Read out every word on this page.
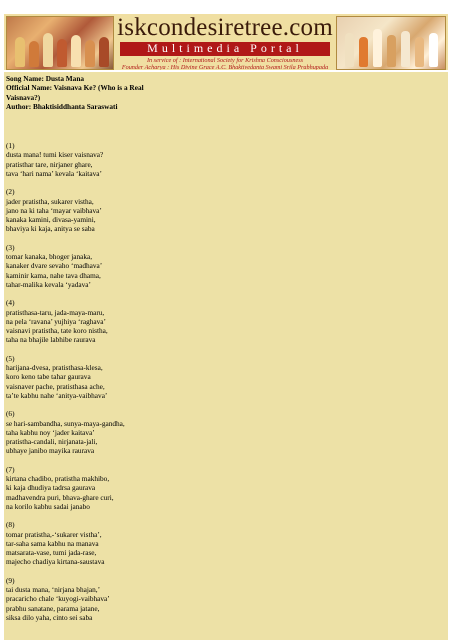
iskcondesiretree.com
Multimedia Portal
In service of : International Society for Krishna Consciousness
Founder Acharya : His Divine Grace A.C. Bhaktivedanta Swami Srila Prabhupada
Song Name: Dusta Mana
Official Name: Vaisnava Ke? (Who is a Real
Vaisnava?)
Author: Bhaktisiddhanta Saraswati
(1)
dusta mana! tumi kiser vaisnava?
pratisthar tare, nirjaner ghare,
tava ‘hari nama’ kevala ‘kaitava’
(2)
jader pratistha, sukarer vistha,
jano na ki taha ‘mayar vaibhava’
kanaka kamini, divasa-yamini,
bhaviya ki kaja, anitya se saba
(3)
tomar kanaka, bhoger janaka,
kanaker dvare sevaho ‘madhava’
kaminir kama, nahe tava dhama,
tahar-malika kevala ‘yadava’
(4)
pratisthasa-taru, jada-maya-maru,
na pela ‘ravana’ yujhiya ‘raghava’
vaisnavi pratistha, tate koro nistha,
taha na bhajile labhibe raurava
(5)
harijana-dvesa, pratisthasa-klesa,
koro keno tabe tahar gaurava
vaisnaver pache, pratisthasa ache,
ta’te kabhu nahe ‘anitya-vaibhava’
(6)
se hari-sambandha, sunya-maya-gandha,
taha kabhu noy ‘jader kaitava’
pratistha-candali, nirjanata-jali,
ubhaye janibo mayika raurava
(7)
kirtana chadibo, pratistha makhibo,
ki kaja dhudiya tadrsa gaurava
madhavendra puri, bhava-ghare curi,
na korilo kabhu sadai janabo
(8)
tomar pratistha,-‘sukarer vistha’,
tar-saha sama kabhu na manava
matsarata-vase, tumi jada-rase,
majecho chadiya kirtana-saustava
(9)
tai dusta mana, ‘nirjana bhajan,’
pracaricho chale ‘kuyogi-vaibhava’
prabhu sanatane, parama jatane,
siksa dilo yaha, cinto sei saba
